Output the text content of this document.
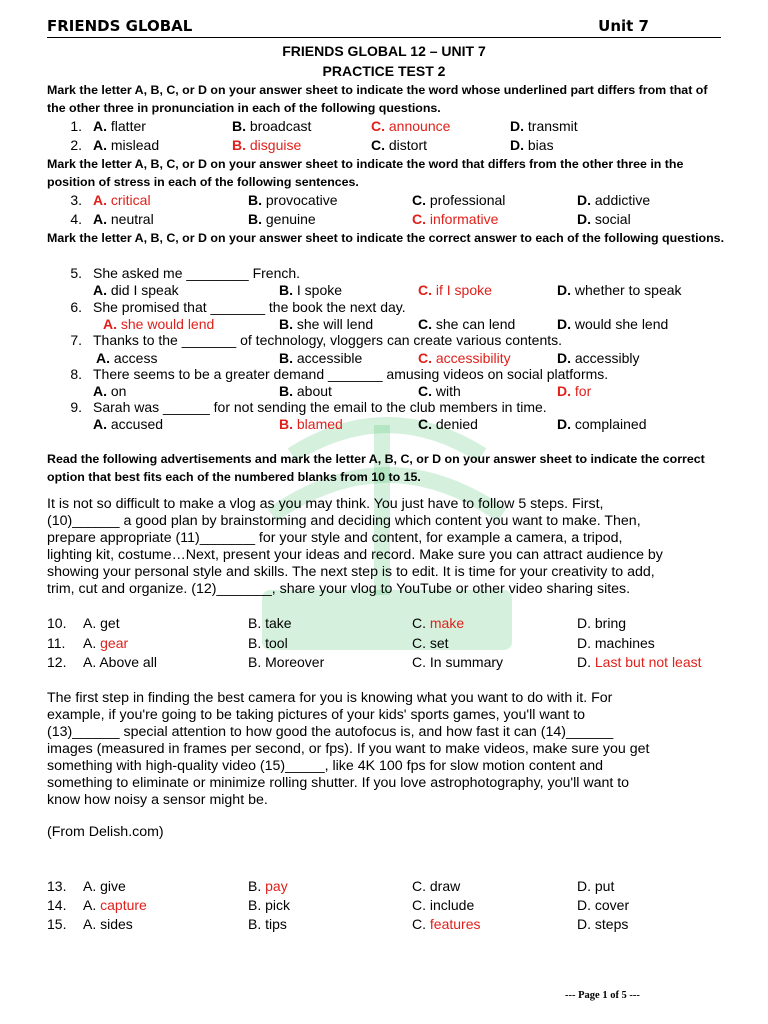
FRIENDS GLOBAL	Unit 7
FRIENDS GLOBAL 12 – UNIT 7
PRACTICE TEST 2
Mark the letter A, B, C, or D on your answer sheet to indicate the word whose underlined part differs from that of the other three in pronunciation in each of the following questions.
1. A. flatter	B. broadcast	C. announce	D. transmit
2. A. mislead	B. disguise	C. distort	D. bias
Mark the letter A, B, C, or D on your answer sheet to indicate the word that differs from the other three in the position of stress in each of the following sentences.
3. A. critical	B. provocative	C. professional	D. addictive
4. A. neutral	B. genuine	C. informative	D. social
Mark the letter A, B, C, or D on your answer sheet to indicate the correct answer to each of the following questions.
5. She asked me ________ French.
A. did I speak	B. I spoke	C. if I spoke	D. whether to speak
6. She promised that _______ the book the next day.
A. she would lend	B. she will lend	C. she can lend	D. would she lend
7. Thanks to the _______ of technology, vloggers can create various contents.
A. access	B. accessible	C. accessibility	D. accessibly
8. There seems to be a greater demand _______ amusing videos on social platforms.
A. on	B. about	C. with	D. for
9. Sarah was ______ for not sending the email to the club members in time.
A. accused	B. blamed	C. denied	D. complained
Read the following advertisements and mark the letter A, B, C, or D on your answer sheet to indicate the correct option that best fits each of the numbered blanks from 10 to 15.
It is not so difficult to make a vlog as you may think. You just have to follow 5 steps. First,
(10)______ a good plan by brainstorming and deciding which content you want to make. Then,
prepare appropriate (11)_______ for your style and content, for example a camera, a tripod,
lighting kit, costume…Next, present your ideas and record. Make sure you can attract audience by
showing your personal style and skills. The next step is to edit. It is time for your creativity to add,
trim, cut and organize. (12)_______, share your vlog to YouTube or other video sharing sites.
10. A. get	B. take	C. make	D. bring
11. A. gear	B. tool	C. set	D. machines
12. A. Above all	B. Moreover	C. In summary	D. Last but not least
The first step in finding the best camera for you is knowing what you want to do with it. For
example, if you're going to be taking pictures of your kids' sports games, you'll want to
(13)______ special attention to how good the autofocus is, and how fast it can (14)______
images (measured in frames per second, or fps). If you want to make videos, make sure you get
something with high-quality video (15)_____, like 4K 100 fps for slow motion content and
something to eliminate or minimize rolling shutter. If you love astrophotography, you'll want to
know how noisy a sensor might be.
(From Delish.com)
13. A. give	B. pay	C. draw	D. put
14. A. capture	B. pick	C. include	D. cover
15. A. sides	B. tips	C. features	D. steps
--- Page 1 of 5 ---
